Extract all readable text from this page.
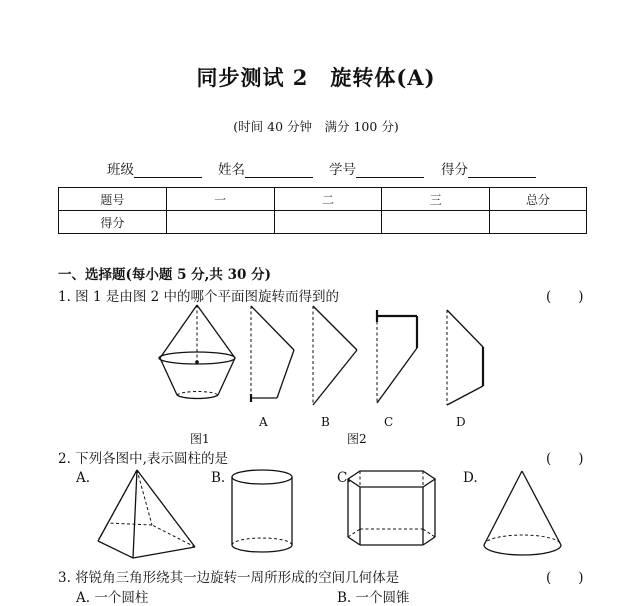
同步测试 2　旋转体(A)
(时间 40 分钟　满分 100 分)
班级	姓名	学号	得分
题号	一	二	三	总分
得分				
一、选择题(每小题 5 分,共 30 分)
1. 图 1 是由图 2 中的哪个平面图旋转而得到的	(　　)
A	B	C	D
图1	图2
2. 下列各图中,表示圆柱的是	(　　)
A.	B.	C.	D.
3. 将锐角三角形绕其一边旋转一周所形成的空间几何体是	(　　)
A. 一个圆柱	B. 一个圆锥
